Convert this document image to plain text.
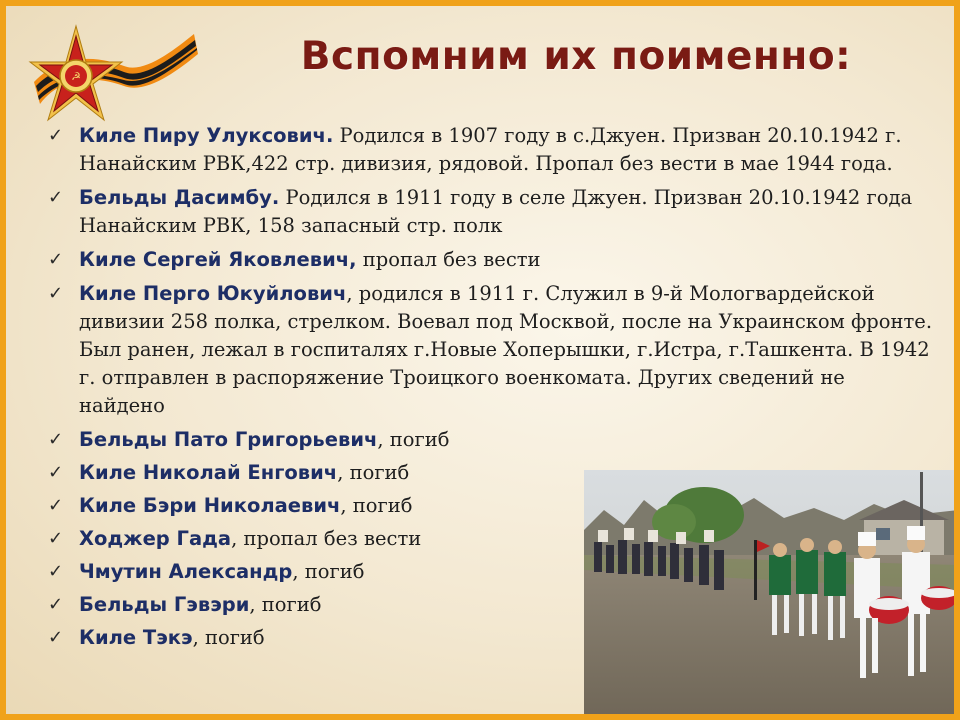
☭	Вспомним их поименно:
✓ Киле Пиру Улуксович. Родился в 1907 году в с.Джуен. Призван 20.10.1942 г. Нанайским РВК,422 стр. дивизия, рядовой. Пропал без вести в мае 1944 года.
✓ Бельды Дасимбу. Родился в 1911 году в селе Джуен. Призван 20.10.1942 года Нанайским РВК, 158 запасный стр. полк
✓ Киле Сергей Яковлевич, пропал без вести
✓ Киле Перго Юкуйлович, родился в 1911 г. Служил в 9-й Мологвардейской дивизии 258 полка, стрелком. Воевал под Москвой, после на Украинском фронте. Был ранен, лежал в госпиталях г.Новые Хоперышки, г.Истра, г.Ташкента. В 1942 г. отправлен в распоряжение Троицкого военкомата. Других сведений не найдено
✓ Бельды Пато Григорьевич, погиб
✓ Киле Николай Енгович, погиб
✓ Киле Бэри Николаевич, погиб
✓ Ходжер Гада, пропал без вести
✓ Чмутин Александр, погиб
✓ Бельды Гэвэри, погиб
✓ Киле Тэкэ, погиб
